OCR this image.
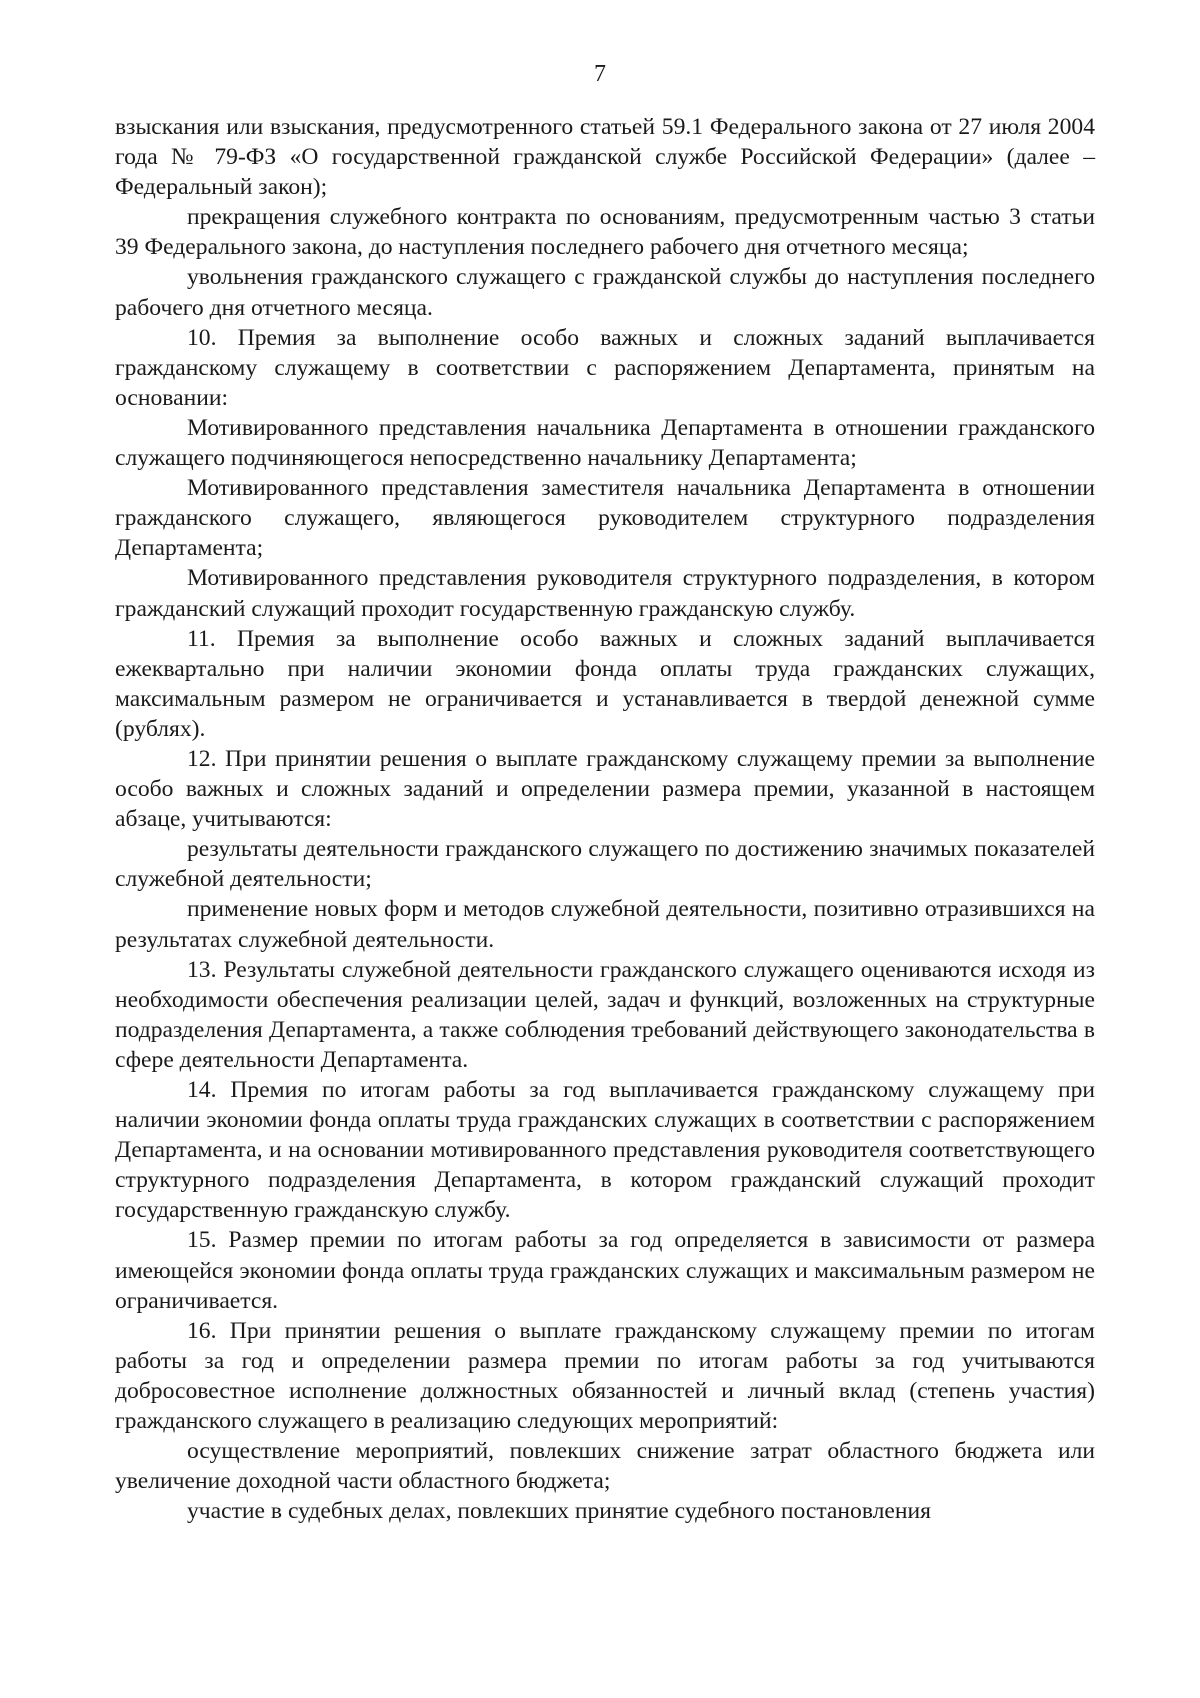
7

взыскания или взыскания, предусмотренного статьей 59.1 Федерального закона от 27 июля 2004 года № 79-ФЗ «О государственной гражданской службе Российской Федерации» (далее – Федеральный закон);

прекращения служебного контракта по основаниям, предусмотренным частью 3 статьи 39 Федерального закона, до наступления последнего рабочего дня отчетного месяца;

увольнения гражданского служащего с гражданской службы до наступления последнего рабочего дня отчетного месяца.

10. Премия за выполнение особо важных и сложных заданий выплачивается гражданскому служащему в соответствии с распоряжением Департамента, принятым на основании:

Мотивированного представления начальника Департамента в отношении гражданского служащего подчиняющегося непосредственно начальнику Департамента;

Мотивированного представления заместителя начальника Департамента в отношении гражданского служащего, являющегося руководителем структурного подразделения Департамента;

Мотивированного представления руководителя структурного подразделения, в котором гражданский служащий проходит государственную гражданскую службу.

11. Премия за выполнение особо важных и сложных заданий выплачивается ежеквартально при наличии экономии фонда оплаты труда гражданских служащих, максимальным размером не ограничивается и устанавливается в твердой денежной сумме (рублях).

12. При принятии решения о выплате гражданскому служащему премии за выполнение особо важных и сложных заданий и определении размера премии, указанной в настоящем абзаце, учитываются:

результаты деятельности гражданского служащего по достижению значимых показателей служебной деятельности;

применение новых форм и методов служебной деятельности, позитивно отразившихся на результатах служебной деятельности.

13. Результаты служебной деятельности гражданского служащего оцениваются исходя из необходимости обеспечения реализации целей, задач и функций, возложенных на структурные подразделения Департамента, а также соблюдения требований действующего законодательства в сфере деятельности Департамента.

14. Премия по итогам работы за год выплачивается гражданскому служащему при наличии экономии фонда оплаты труда гражданских служащих в соответствии с распоряжением Департамента, и на основании мотивированного представления руководителя соответствующего структурного подразделения Департамента, в котором гражданский служащий проходит государственную гражданскую службу.

15. Размер премии по итогам работы за год определяется в зависимости от размера имеющейся экономии фонда оплаты труда гражданских служащих и максимальным размером не ограничивается.

16. При принятии решения о выплате гражданскому служащему премии по итогам работы за год и определении размера премии по итогам работы за год учитываются добросовестное исполнение должностных обязанностей и личный вклад (степень участия) гражданского служащего в реализацию следующих мероприятий:

осуществление мероприятий, повлекших снижение затрат областного бюджета или увеличение доходной части областного бюджета;

участие в судебных делах, повлекших принятие судебного постановления
